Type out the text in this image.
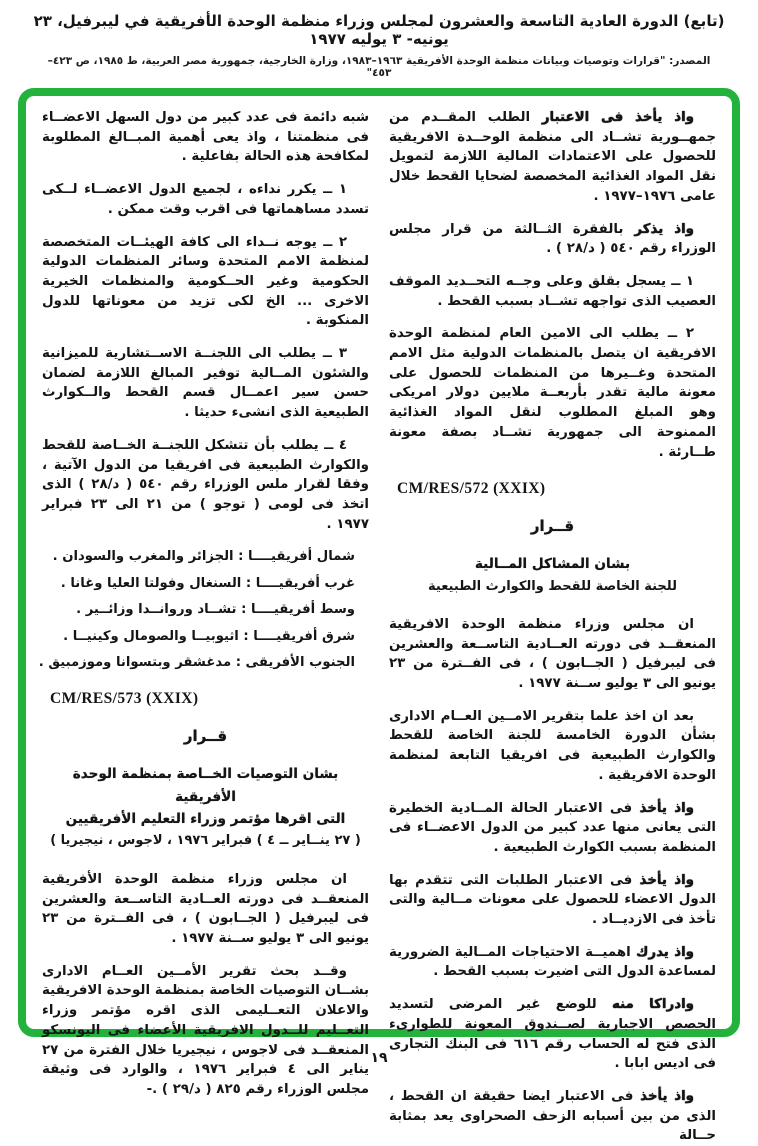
(تابع) الدورة العادية التاسعة والعشرون لمجلس وزراء منظمة الوحدة الأفريقية في ليبرفيل، ٢٣ يونيه- ٣ يوليه ١٩٧٧
المصدر: "قرارات وتوصيات وبيانات منظمة الوحدة الأفريقية ١٩٦٣–١٩٨٣، وزارة الخارجية، جمهورية مصر العربية، ط ١٩٨٥، ص ٤٢٣–٤٥٣"

واذ يأخذ فى الاعتبار الطلب المقــدم من جمهــورية تشــاد الى منظمة الوحــدة الافريقية للحصول على الاعتمادات المالية اللازمة لتمويل نقل المواد الغذائية المخصصة لضحايا القحط خلال عامى ١٩٧٦–١٩٧٧ .

واذ يذكر بالفقرة الثــالثة من قرار مجلس الوزراء رقم ٥٤٠ ( د/٢٨ ) .

١ ــ يسجل بقلق وعلى وجــه التحــديد الموقف العصيب الذى تواجهه تشــاد بسبب القحط .

٢ ــ يطلب الى الامين العام لمنظمة الوحدة الافريقية ان يتصل بالمنظمات الدولية مثل الامم المتحدة وغــيرها من المنظمات للحصول على معونة مالية تقدر بأربعــة ملايين دولار امريكى وهو المبلغ المطلوب لنقل المواد الغذائية الممنوحة الى جمهورية تشــاد بصفة معونة طــارئة .

CM/RES/572 (XXIX)
قــرار
بشان المشاكل المــالية
للجنة الخاصة للقحط والكوارث الطبيعية

ان مجلس وزراء منظمة الوحدة الافريقية المنعقــد فى دورته العــادية التاســعة والعشرين فى ليبرفيل ( الجــابون ) ، فى الفــترة من ٢٣ يونيو الى ٣ يوليو ســنة ١٩٧٧ .

بعد ان اخذ علما بتقرير الامــين العــام الادارى بشأن الدورة الخامسة للجنة الخاصة للقحط والكوارث الطبيعية فى افريقيا التابعة لمنظمة الوحدة الافريقية .

واذ يأخذ فى الاعتبار الحالة المــادية الخطيرة التى يعانى منها عدد كبير من الدول الاعضــاء فى المنظمة بسبب الكوارث الطبيعية .

واذ يأخذ فى الاعتبار الطلبات التى تتقدم بها الدول الاعضاء للحصول على معونات مــالية والتى تأخذ فى الازديــاد .

واذ يدرك اهميــة الاحتياجات المــالية الضرورية لمساعدة الدول التى اضيرت بسبب القحط .

وادراكا منه للوضع غير المرضى لتسديد الحصص الاجبارية لصــندوق المعونة للطوارىء الذى فتح له الحساب رقم ٦١٦ فى البنك التجارى فى اديس ابابا .

واذ يأخذ فى الاعتبار ايضا حقيقة ان القحط ، الذى من بين أسبابه الزحف الصحراوى يعد بمثابة حــالة

شبه دائمة فى عدد كبير من دول السهل الاعضــاء فى منظمتنا ، واذ يعى أهمية المبــالغ المطلوبة لمكافحة هذه الحالة بفاعلية .

١ ــ يكرر نداءه ، لجميع الدول الاعضــاء لــكى تسدد مساهماتها فى اقرب وقت ممكن .

٢ ــ يوجه نــداء الى كافة الهيئــات المتخصصة لمنظمة الامم المتحدة وسائر المنظمات الدولية الحكومية وغير الحــكومية والمنظمات الخيرية الاخرى ... الخ لكى تزيد من معوناتها للدول المنكوبة .

٣ ــ يطلب الى اللجنــة الاســتشارية للميزانية والشئون المــالية توفير المبالغ اللازمة لضمان حسن سير اعمــال قسم القحط والــكوارث الطبيعية الذى انشىء حديثا .

٤ ــ يطلب بأن تتشكل اللجنــة الخــاصة للقحط والكوارث الطبيعية فى افريقيا من الدول الآتية ، وفقا لقرار ملس الوزراء رقم ٥٤٠ ( د/٢٨ ) الذى اتخذ فى لومى ( توجو ) من ٢١ الى ٢٣ فبراير ١٩٧٧ .

شمال أفريقيــــا : الجزائر والمغرب والسودان .
غرب أفريقيــــا : السنغال وفولتا العليا وغانا .
وسط أفريقيــــا : تشــاد وروانــدا وزائــير .
شرق أفريقيــــا : اثيوبيــا والصومال وكينيــا .
الجنوب الأفريقى : مدغشقر وبتسوانا وموزمبيق .
CM/RES/573 (XXIX)
قــرار
بشان التوصيات الخــاصة بمنظمة الوحدة الأفريقية
التى اقرها مؤتمر وزراء التعليم الأفريقيين
( ٢٧ ينــاير ــ ٤ ) فبراير ١٩٧٦ ، لاجوس ، نيجيريا )

ان مجلس وزراء منظمة الوحدة الأفريقية المنعقــد فى دورته العــادية التاســعة والعشرين فى ليبرفيل ( الجــابون ) ، فى الفــترة من ٢٣ يونيو الى ٣ يوليو ســنة ١٩٧٧ .

وقــد بحث تقرير الأمــين العــام الادارى بشــان التوصيات الخاصة بمنظمة الوحدة الافريقية والاعلان التعــليمى الذى اقره مؤتمر وزراء التعــليم للــدول الافريقية الأعضاء فى اليونسكو المنعقــد فى لاجوس ، نيجيريا خلال الفترة من ٢٧ يناير الى ٤ فبراير ١٩٧٦ ، والوارد فى وثيقة مجلس الوزراء رقم ٨٢٥ ( د/٢٩ ) .-

١٩
